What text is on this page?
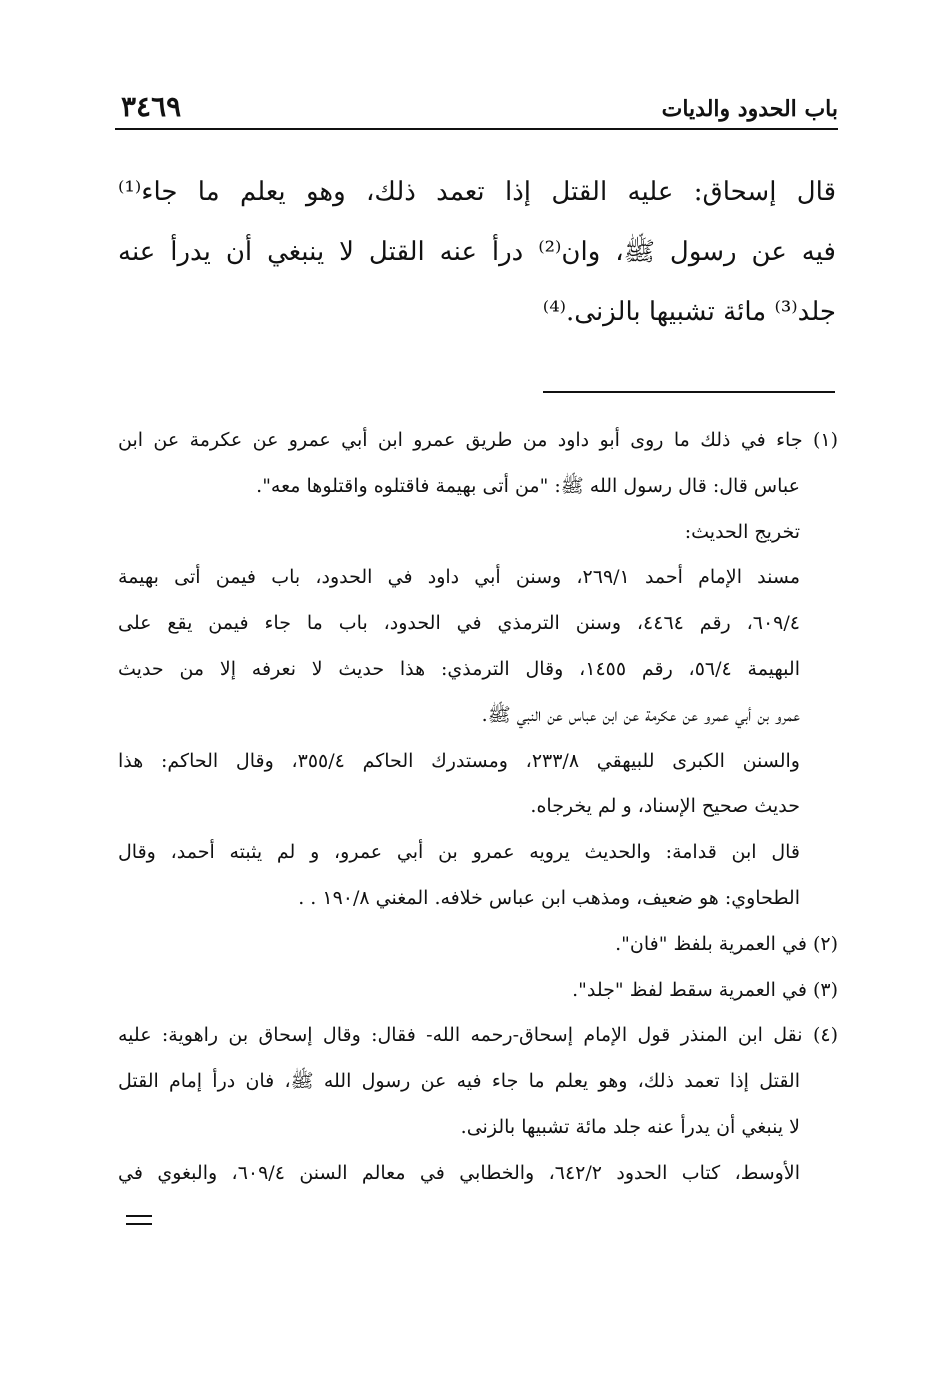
باب الحدود والديات
٣٤٦٩
قال إسحاق: عليه القتل إذا تعمد ذلك، وهو يعلم ما جاء⁽¹⁾
فيه عن رسول ﷺ، وان⁽²⁾ درأ عنه القتل لا ينبغي أن يدرأ عنه
جلد⁽³⁾ مائة تشبيها بالزنى.⁽⁴⁾
(١) جاء في ذلك ما روى أبو داود من طريق عمرو ابن أبي عمرو عن عكرمة عن ابن
عباس قال: قال رسول الله ﷺ: "من أتى بهيمة فاقتلوه واقتلوها معه".
تخريج الحديث:
مسند الإمام أحمد ٢٦٩/١، وسنن أبي داود في الحدود، باب فيمن أتى بهيمة
٦٠٩/٤، رقم ٤٤٦٤، وسنن الترمذي في الحدود، باب ما جاء فيمن يقع على
البهيمة ٥٦/٤، رقم ١٤٥٥، وقال الترمذي: هذا حديث لا نعرفه إلا من حديث
عمرو بن أبي عمرو عن عكرمة عن ابن عباس عن النبي ﷺ.
والسنن الكبرى للبيهقي ٢٣٣/٨، ومستدرك الحاكم ٣٥٥/٤، وقال الحاكم: هذا
حديث صحيح الإسناد، و لم يخرجاه.
قال ابن قدامة: والحديث يرويه عمرو بن أبي عمرو، و لم يثبته أحمد، وقال
الطحاوي: هو ضعيف، ومذهب ابن عباس خلافه. المغني ١٩٠/٨ . .
(٢) في العمرية بلفظ "فان".
(٣) في العمرية سقط لفظ "جلد".
(٤) نقل ابن المنذر قول الإمام إسحاق-رحمه الله- فقال: وقال إسحاق بن راهوية: عليه
القتل إذا تعمد ذلك، وهو يعلم ما جاء فيه عن رسول الله ﷺ، فان درأ إمام القتل
لا ينبغي أن يدرأ عنه جلد مائة تشبيها بالزنى.
الأوسط، كتاب الحدود ٦٤٢/٢، والخطابي في معالم السنن ٦٠٩/٤، والبغوي في
